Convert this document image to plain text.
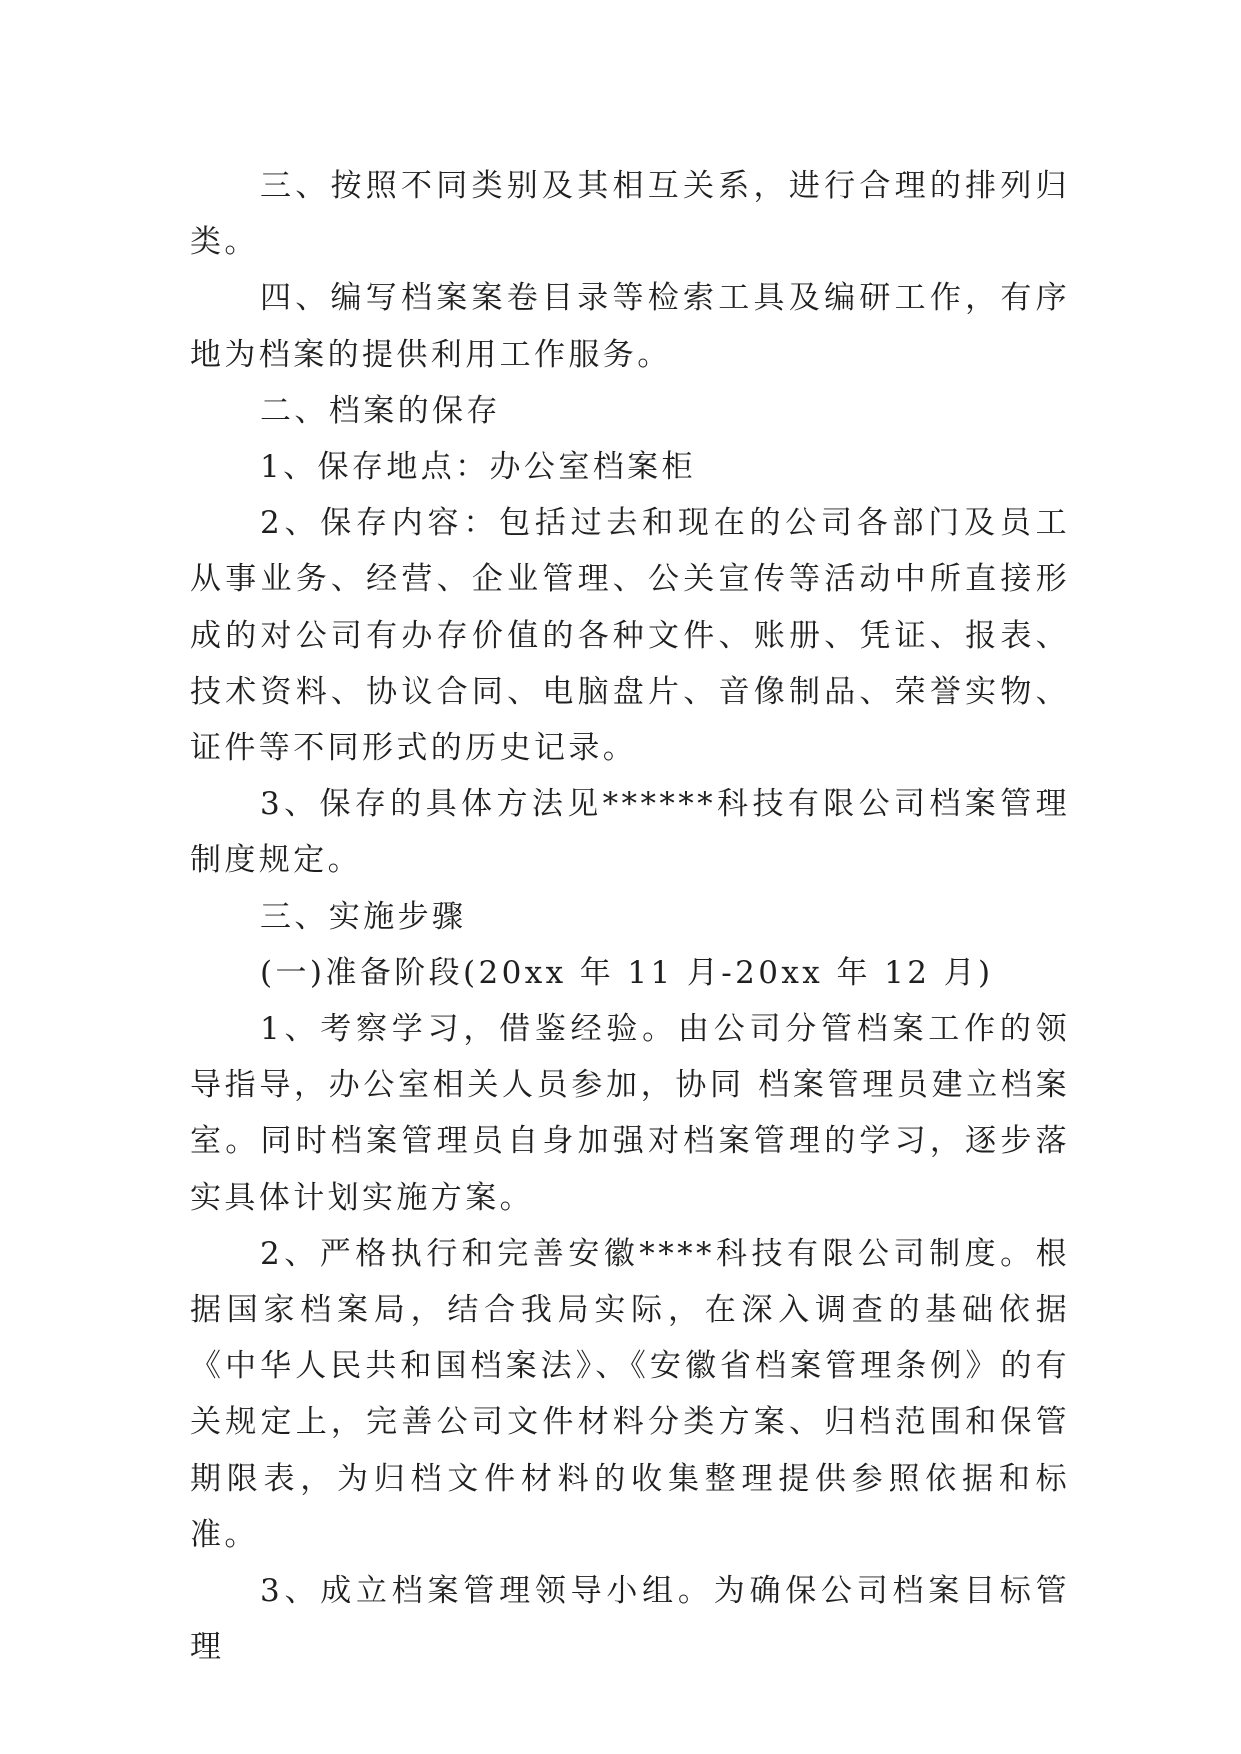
三、按照不同类别及其相互关系，进行合理的排列归类。

四、编写档案案卷目录等检索工具及编研工作，有序地为档案的提供利用工作服务。

二、档案的保存

1、保存地点：办公室档案柜

2、保存内容：包括过去和现在的公司各部门及员工从事业务、经营、企业管理、公关宣传等活动中所直接形成的对公司有办存价值的各种文件、账册、凭证、报表、技术资料、协议合同、电脑盘片、音像制品、荣誉实物、证件等不同形式的历史记录。

3、保存的具体方法见******科技有限公司档案管理制度规定。

三、实施步骤

(一)准备阶段(20xx 年 11 月-20xx 年 12 月)

1、考察学习，借鉴经验。由公司分管档案工作的领导指导，办公室相关人员参加，协同 档案管理员建立档案室。同时档案管理员自身加强对档案管理的学习，逐步落实具体计划实施方案。

2、严格执行和完善安徽****科技有限公司制度。根据国家档案局，结合我局实际，在深入调查的基础依据《中华人民共和国档案法》、《安徽省档案管理条例》的有关规定上，完善公司文件材料分类方案、归档范围和保管期限表，为归档文件材料的收集整理提供参照依据和标准。

3、成立档案管理领导小组。为确保公司档案目标管理
